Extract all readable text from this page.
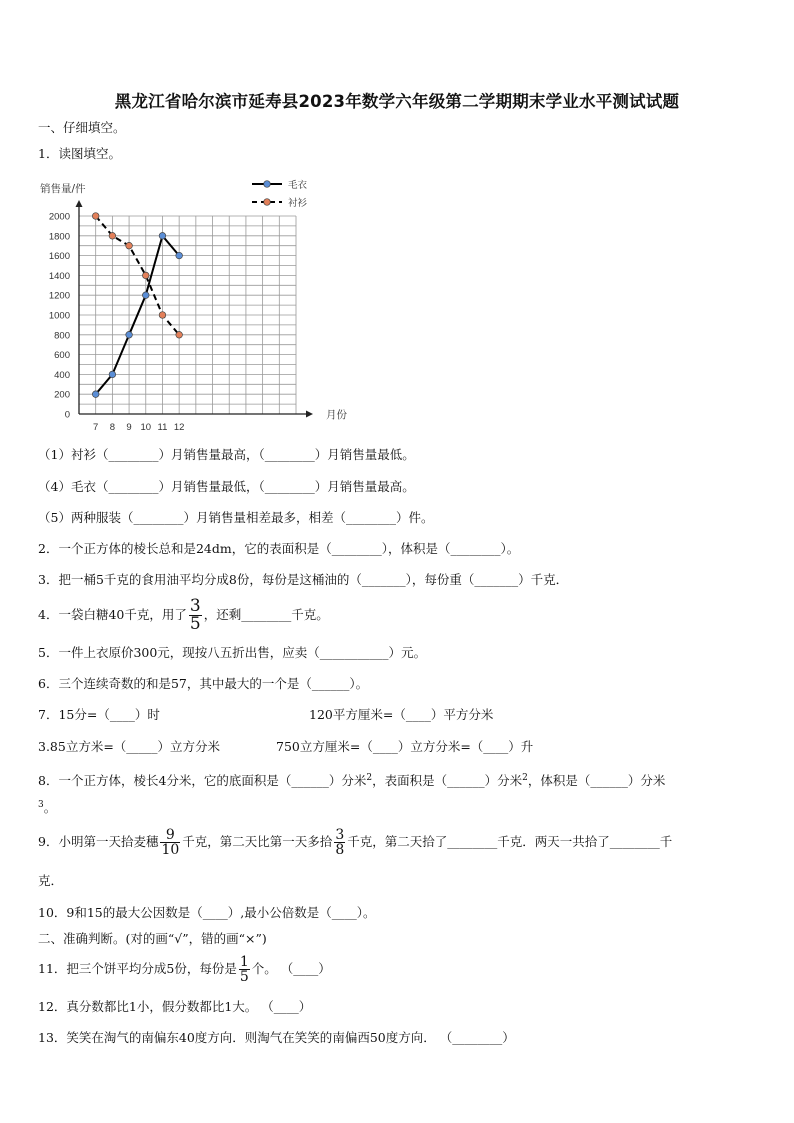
黑龙江省哈尔滨市延寿县2023年数学六年级第二学期期末学业水平测试试题
一、仔细填空。
1．读图填空。
0
200
400
600
800
1000
1200
1400
1600
1800
2000
7 8 9 10 11 12
销售量/件
月份
毛衣
衬衫
（1）衬衫（________）月销售量最高，（________）月销售量最低。
（4）毛衣（________）月销售量最低，（________）月销售量最高。
（5）两种服装（________）月销售量相差最多，相差（________）件。
2．一个正方体的棱长总和是24dm，它的表面积是（________），体积是（________）。
3．把一桶5千克的食用油平均分成8份，每份是这桶油的（_______），每份重（_______）千克．
4．一袋白糖40千克，用了 $\frac{3}{5}$ ，还剩________千克。
5．一件上衣原价300元，现按八五折出售，应卖（___________）元。
6．三个连续奇数的和是57，其中最大的一个是（______）。
7．15分=（____）时	120平方厘米=（____）平方分米
3.85立方米=（_____）立方分米	750立方厘米=（____）立方分米=（____）升
8．一个正方体，棱长4分米，它的底面积是（______）分米$^2$，表面积是（______）分米$^2$，体积是（______）分米
$^3$。
9．小明第一天拾麦穗 $\frac{9}{10}$ 千克，第二天比第一天多拾 $\frac{3}{8}$ 千克，第二天拾了________千克．两天一共拾了________千
克．
10．9和15的最大公因数是（____）,最小公倍数是（____）。
二、准确判断。(对的画“√”，错的画“×”)
11．把三个饼平均分成5份，每份是 $\frac{1}{5}$ 个。 （____）
12．真分数都比1小，假分数都比1大。 （____）
13．笑笑在淘气的南偏东40度方向．则淘气在笑笑的南偏西50度方向． （________）
